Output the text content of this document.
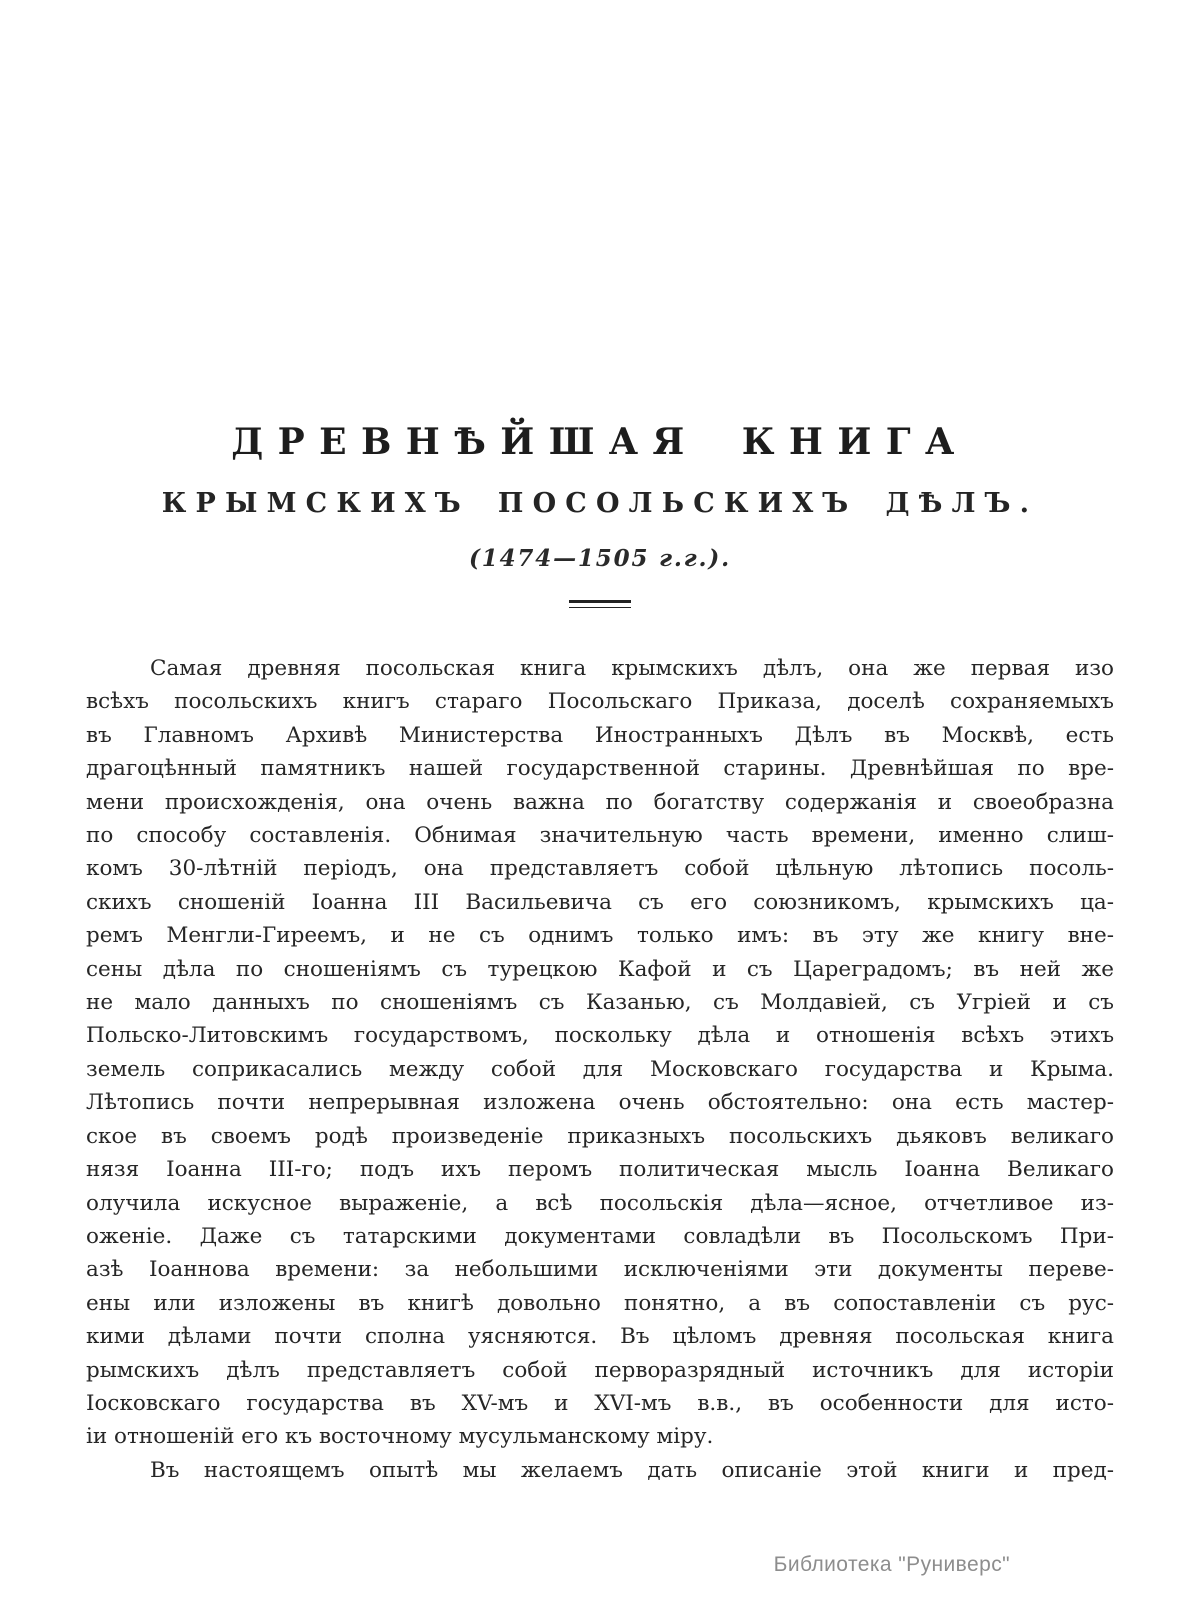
ДРЕВНѢЙШАЯ КНИГА
КРЫМСКИХЪ ПОСОЛЬСКИХЪ ДѢЛЪ.
(1474—1505 г.г.).

Самая древняя посольская книга крымскихъ дѣлъ, она же первая изо
всѣхъ посольскихъ книгъ стараго Посольскаго Приказа, доселѣ сохраняемыхъ
въ Главномъ Архивѣ Министерства Иностранныхъ Дѣлъ въ Москвѣ, есть
драгоцѣнный памятникъ нашей государственной старины. Древнѣйшая по вре-
мени происхожденія, она очень важна по богатству содержанія и своеобразна
по способу составленія. Обнимая значительную часть времени, именно слиш-
комъ 30-лѣтній періодъ, она представляетъ собой цѣльную лѣтопись посоль-
скихъ сношеній Іоанна III Васильевича съ его союзникомъ, крымскихъ ца-
ремъ Менгли-Гиреемъ, и не съ однимъ только имъ: въ эту же книгу вне-
сены дѣла по сношеніямъ съ турецкою Кафой и съ Цареградомъ; въ ней же
не мало данныхъ по сношеніямъ съ Казанью, съ Молдавіей, съ Угріей и съ
Польско-Литовскимъ государствомъ, поскольку дѣла и отношенія всѣхъ этихъ
земель соприкасались между собой для Московскаго государства и Крыма.
Лѣтопись почти непрерывная изложена очень обстоятельно: она есть мастер-
ское въ своемъ родѣ произведеніе приказныхъ посольскихъ дьяковъ великаго
нязя Іоанна III-го; подъ ихъ перомъ политическая мысль Іоанна Великаго
олучила искусное выраженіе, а всѣ посольскія дѣла—ясное, отчетливое из-
оженіе. Даже съ татарскими документами совладѣли въ Посольскомъ При-
азѣ Іоаннова времени: за небольшими исключеніями эти документы переве-
ены или изложены въ книгѣ довольно понятно, а въ сопоставленіи съ рус-
кими дѣлами почти сполна уясняются. Въ цѣломъ древняя посольская книга
рымскихъ дѣлъ представляетъ собой перворазрядный источникъ для исторіи
Іосковскаго государства въ XV-мъ и XVI-мъ в.в., въ особенности для исто-
іи отношеній его къ восточному мусульманскому міру.

Въ настоящемъ опытѣ мы желаемъ дать описаніе этой книги и пред-

Библиотека "Руниверс"
